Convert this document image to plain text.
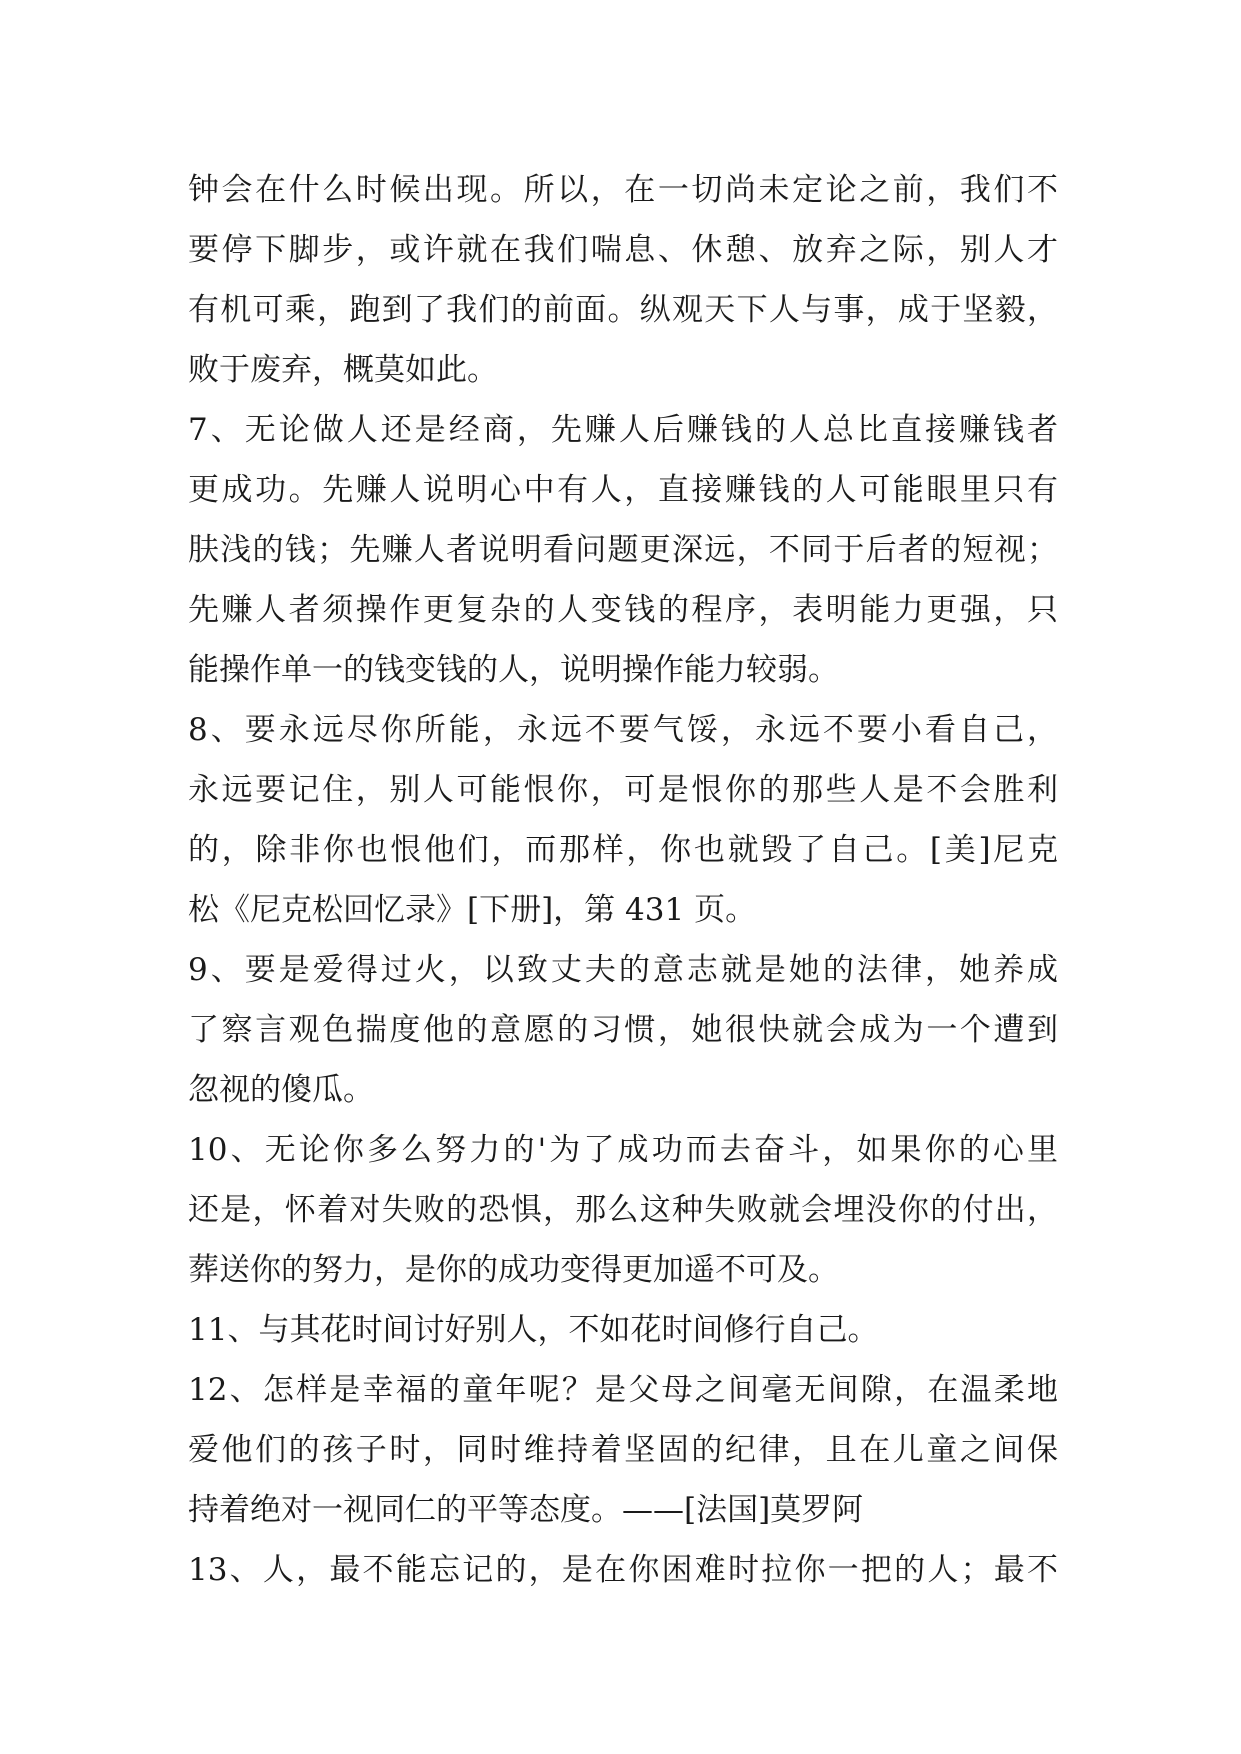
钟会在什么时候出现。所以，在一切尚未定论之前，我们不
要停下脚步，或许就在我们喘息、休憩、放弃之际，别人才
有机可乘，跑到了我们的前面。纵观天下人与事，成于坚毅，
败于废弃，概莫如此。
7、无论做人还是经商，先赚人后赚钱的人总比直接赚钱者
更成功。先赚人说明心中有人，直接赚钱的人可能眼里只有
肤浅的钱；先赚人者说明看问题更深远，不同于后者的短视；
先赚人者须操作更复杂的人变钱的程序，表明能力更强，只
能操作单一的钱变钱的人，说明操作能力较弱。
8、要永远尽你所能，永远不要气馁，永远不要小看自己，
永远要记住，别人可能恨你，可是恨你的那些人是不会胜利
的，除非你也恨他们，而那样，你也就毁了自己。[美]尼克
松《尼克松回忆录》[下册]，第 431 页。
9、要是爱得过火，以致丈夫的意志就是她的法律，她养成
了察言观色揣度他的意愿的习惯，她很快就会成为一个遭到
忽视的傻瓜。
10、无论你多么努力的'为了成功而去奋斗，如果你的心里
还是，怀着对失败的恐惧，那么这种失败就会埋没你的付出，
葬送你的努力，是你的成功变得更加遥不可及。
11、与其花时间讨好别人，不如花时间修行自己。
12、怎样是幸福的童年呢？是父母之间毫无间隙，在温柔地
爱他们的孩子时，同时维持着坚固的纪律，且在儿童之间保
持着绝对一视同仁的平等态度。——[法国]莫罗阿
13、人，最不能忘记的，是在你困难时拉你一把的人；最不
